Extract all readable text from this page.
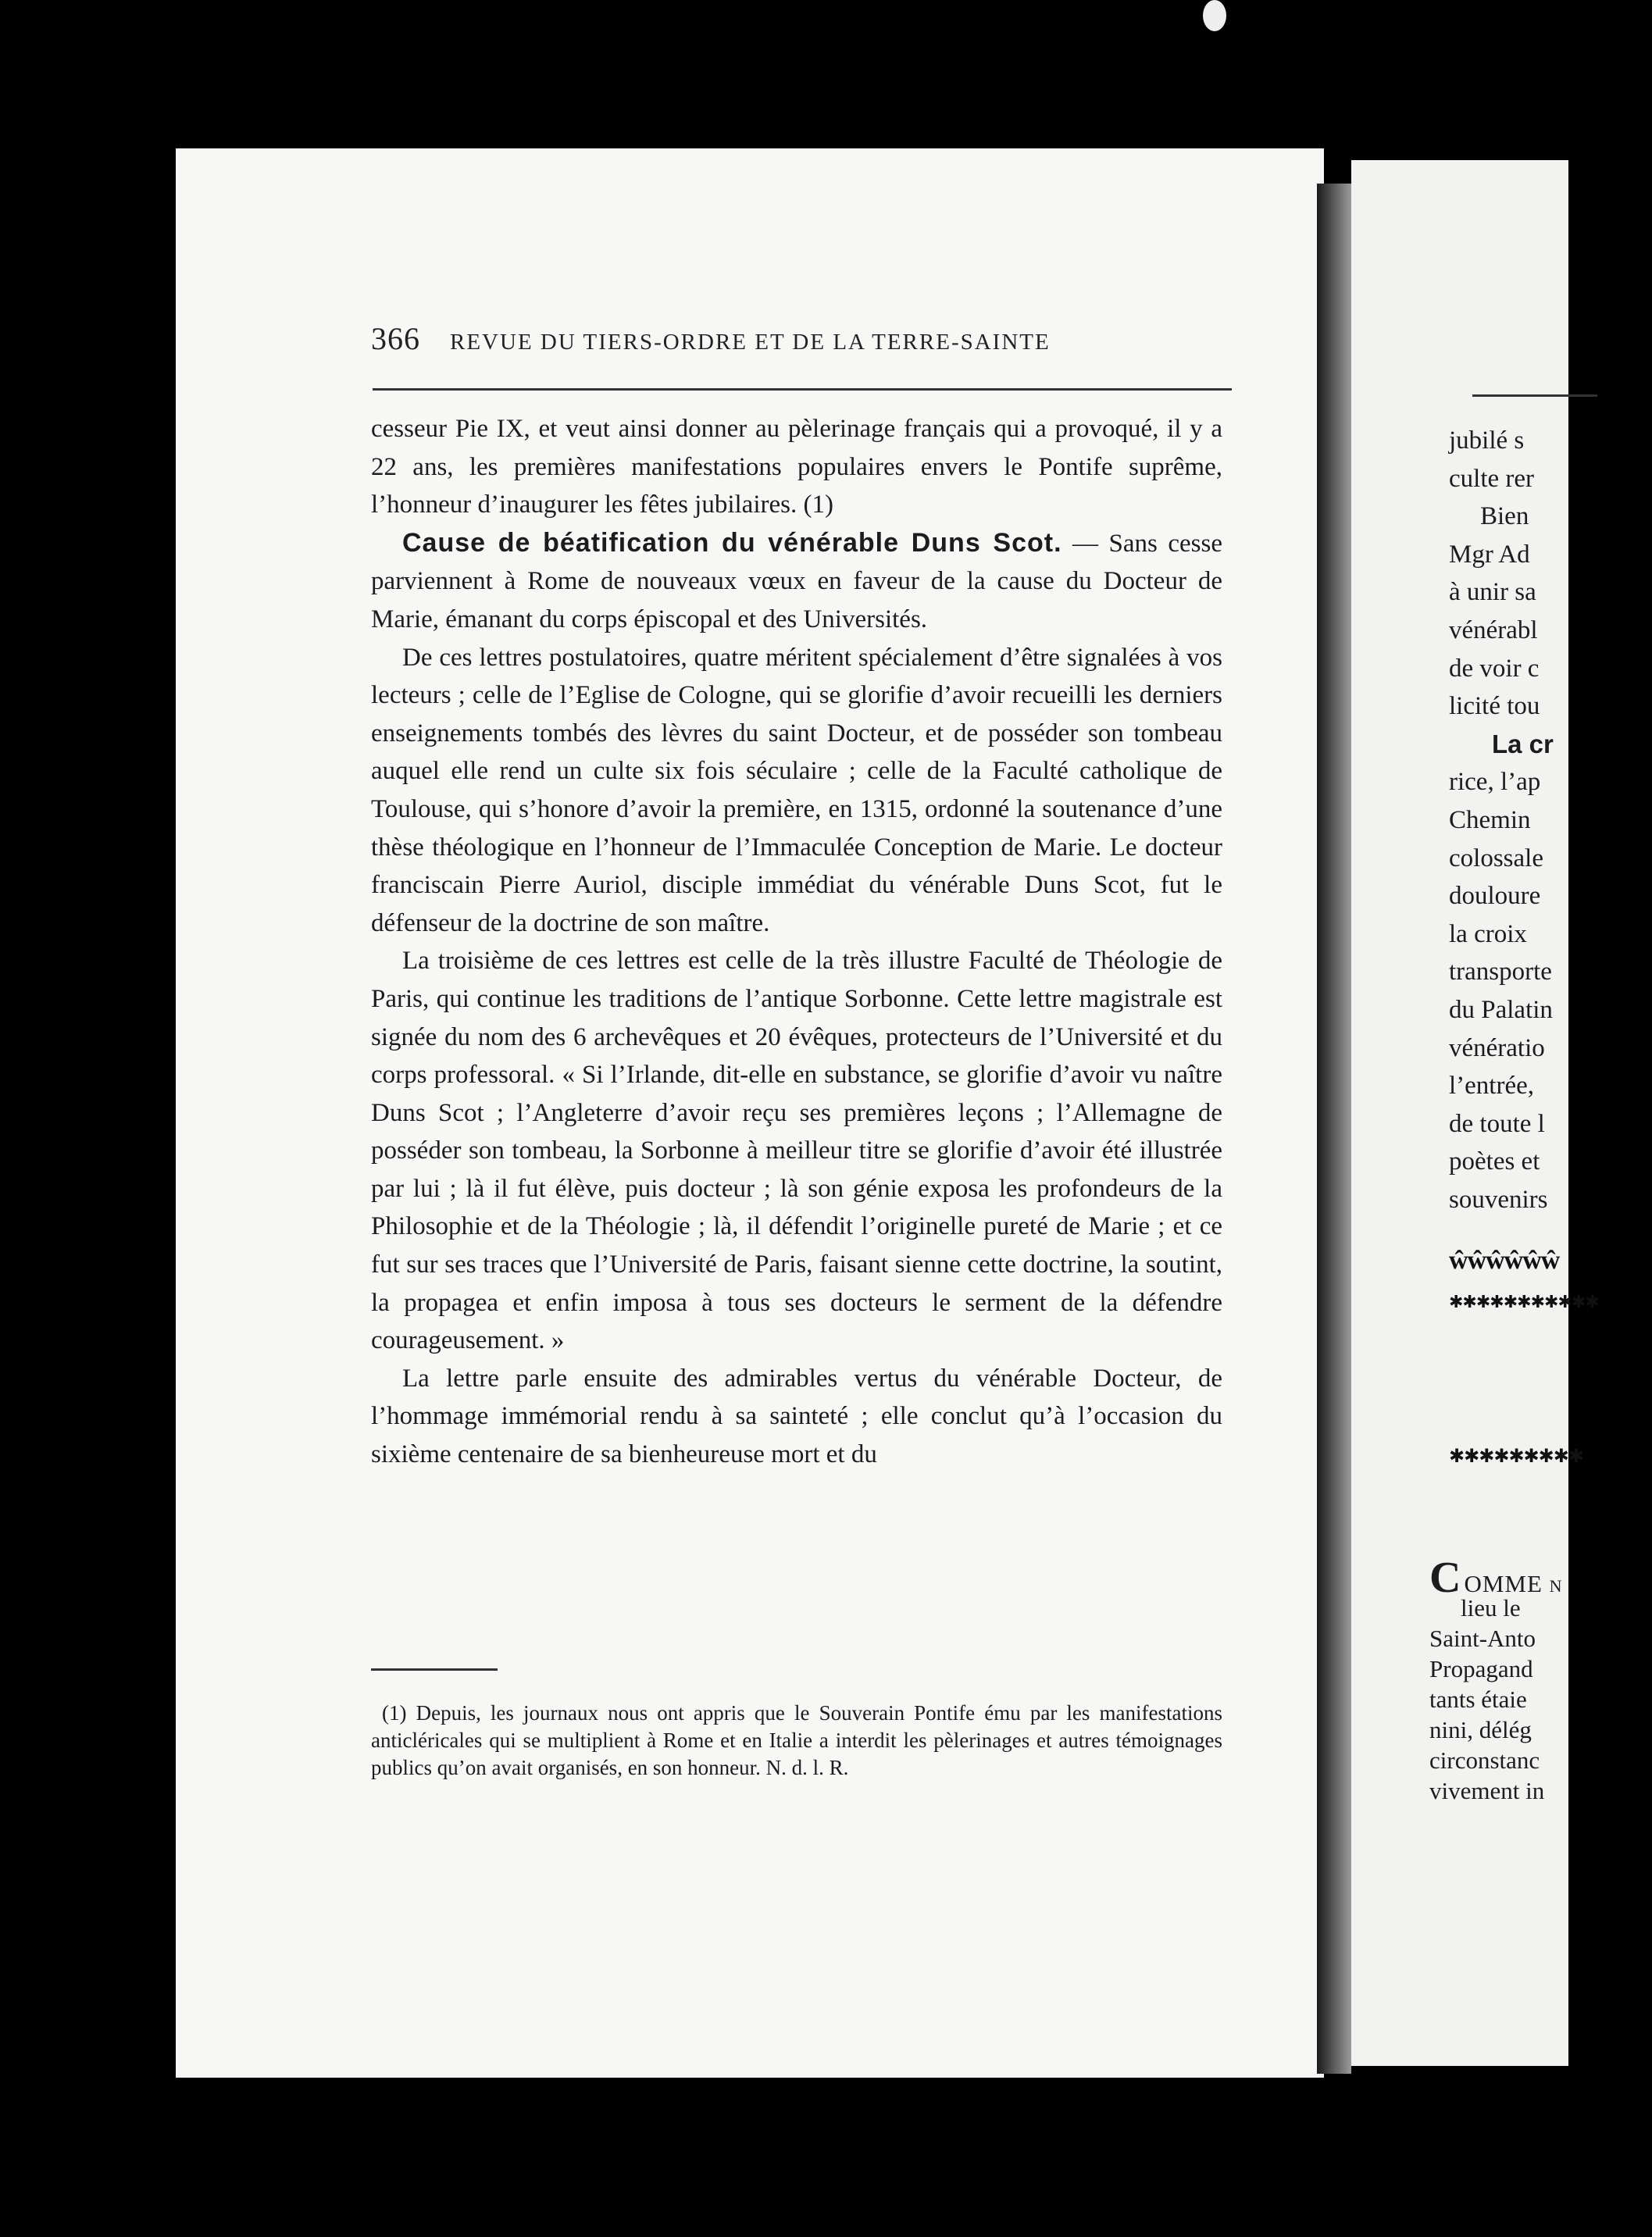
366 REVUE DU TIERS-ORDRE ET DE LA TERRE-SAINTE

cesseur Pie IX, et veut ainsi donner au pèlerinage français qui a provoqué, il y a 22 ans, les premières manifestations populaires envers le Pontife suprême, l’honneur d’inaugurer les fêtes jubilaires. (1)

Cause de béatification du vénérable Duns Scot. — Sans cesse parviennent à Rome de nouveaux vœux en faveur de la cause du Docteur de Marie, émanant du corps épiscopal et des Universités.

De ces lettres postulatoires, quatre méritent spécialement d’être signalées à vos lecteurs ; celle de l’Eglise de Cologne, qui se glorifie d’avoir recueilli les derniers enseignements tombés des lèvres du saint Docteur, et de posséder son tombeau auquel elle rend un culte six fois séculaire ; celle de la Faculté catholique de Toulouse, qui s’honore d’avoir la première, en 1315, ordonné la soutenance d’une thèse théologique en l’honneur de l’Immaculée Conception de Marie. Le docteur franciscain Pierre Auriol, disciple immédiat du vénérable Duns Scot, fut le défenseur de la doctrine de son maître.

La troisième de ces lettres est celle de la très illustre Faculté de Théologie de Paris, qui continue les traditions de l’antique Sorbonne. Cette lettre magistrale est signée du nom des 6 archevêques et 20 évêques, protecteurs de l’Université et du corps professoral. « Si l’Irlande, dit-elle en substance, se glorifie d’avoir vu naître Duns Scot ; l’Angleterre d’avoir reçu ses premières leçons ; l’Allemagne de posséder son tombeau, la Sorbonne à meilleur titre se glorifie d’avoir été illustrée par lui ; là il fut élève, puis docteur ; là son génie exposa les profondeurs de la Philosophie et de la Théologie ; là, il défendit l’originelle pureté de Marie ; et ce fut sur ses traces que l’Université de Paris, faisant sienne cette doctrine, la soutint, la propagea et enfin imposa à tous ses docteurs le serment de la défendre courageusement. »

La lettre parle ensuite des admirables vertus du vénérable Docteur, de l’hommage immémorial rendu à sa sainteté ; elle conclut qu’à l’occasion du sixième centenaire de sa bienheureuse mort et du

(1) Depuis, les journaux nous ont appris que le Souverain Pontife ému par les manifestations anticléricales qui se multiplient à Rome et en Italie a interdit les pèlerinages et autres témoignages publics qu’on avait organisés, en son honneur. N. d. l. R.

jubilé s
culte rer
Bien
Mgr Ad
à unir sa
vénérabl
de voir c
licité tou
La cr
rice, l’ap
Chemin
colossale
douloure
la croix
transporte
du Palatin
vénératio
l’entrée,
de toute l
poètes et
souvenirs
ŵŵŵŵŵŵ
✱✱✱✱✱✱✱✱✱✱✱
✱✱✱✱✱✱✱✱✱
COMME n
lieu le
Saint-Anto
Propagand
tants étaie
nini, délég
circonstanc
vivement in
